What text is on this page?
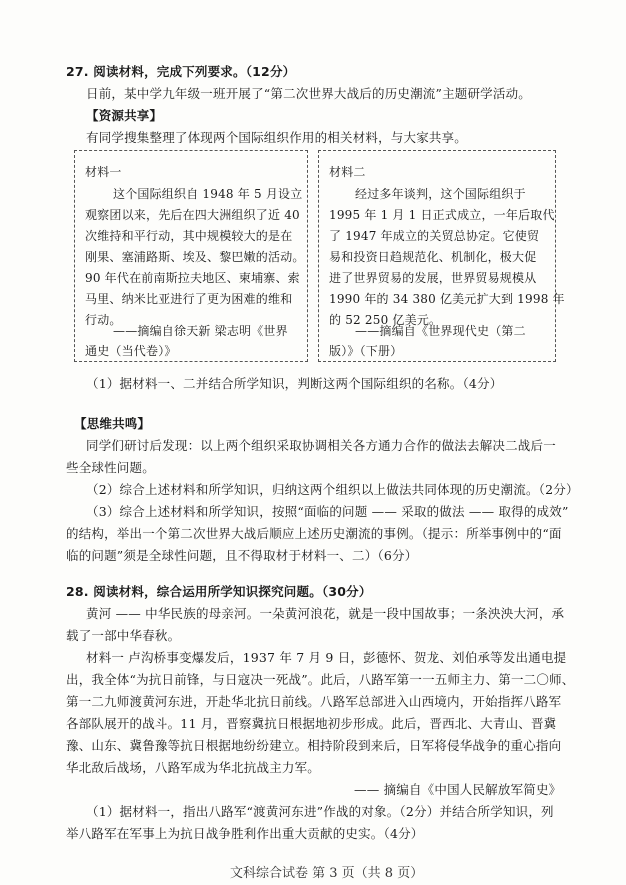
27. 阅读材料，完成下列要求。（12分）
日前，某中学九年级一班开展了“第二次世界大战后的历史潮流”主题研学活动。
【资源共享】
有同学搜集整理了体现两个国际组织作用的相关材料，与大家共享。
材料一
这个国际组织自 1948 年 5 月设立
观察团以来，先后在四大洲组织了近 40
次维持和平行动，其中规模较大的是在
刚果、塞浦路斯、埃及、黎巴嫩的活动。
90 年代在前南斯拉夫地区、柬埔寨、索
马里、纳米比亚进行了更为困难的维和
行动。
——摘编自徐天新 梁志明《世界
通史（当代卷）》
材料二
经过多年谈判，这个国际组织于
1995 年 1 月 1 日正式成立，一年后取代
了 1947 年成立的关贸总协定。它使贸
易和投资日趋规范化、机制化，极大促
进了世界贸易的发展，世界贸易规模从
1990 年的 34 380 亿美元扩大到 1998 年
的 52 250 亿美元。
——摘编自《世界现代史（第二
版）》（下册）
（1）据材料一、二并结合所学知识，判断这两个国际组织的名称。（4分）
【思维共鸣】
同学们研讨后发现：以上两个组织采取协调相关各方通力合作的做法去解决二战后一
些全球性问题。
（2）综合上述材料和所学知识，归纳这两个组织以上做法共同体现的历史潮流。（2分）
（3）综合上述材料和所学知识，按照“面临的问题 —— 采取的做法 —— 取得的成效”
的结构，举出一个第二次世界大战后顺应上述历史潮流的事例。（提示：所举事例中的“面
临的问题”须是全球性问题，且不得取材于材料一、二）（6分）
28. 阅读材料，综合运用所学知识探究问题。（30分）
黄河 —— 中华民族的母亲河。一朵黄河浪花，就是一段中国故事；一条泱泱大河，承
载了一部中华春秋。
材料一 卢沟桥事变爆发后，1937 年 7 月 9 日，彭德怀、贺龙、刘伯承等发出通电提
出，我全体“为抗日前锋，与日寇决一死战”。此后，八路军第一一五师主力、第一二〇师、
第一二九师渡黄河东进，开赴华北抗日前线。八路军总部进入山西境内，开始指挥八路军
各部队展开的战斗。11 月，晋察冀抗日根据地初步形成。此后，晋西北、大青山、晋冀
豫、山东、冀鲁豫等抗日根据地纷纷建立。相持阶段到来后，日军将侵华战争的重心指向
华北敌后战场，八路军成为华北抗战主力军。
—— 摘编自《中国人民解放军简史》
（1）据材料一，指出八路军“渡黄河东进”作战的对象。（2分）并结合所学知识，列
举八路军在军事上为抗日战争胜利作出重大贡献的史实。（4分）
文科综合试卷 第 3 页（共 8 页）
